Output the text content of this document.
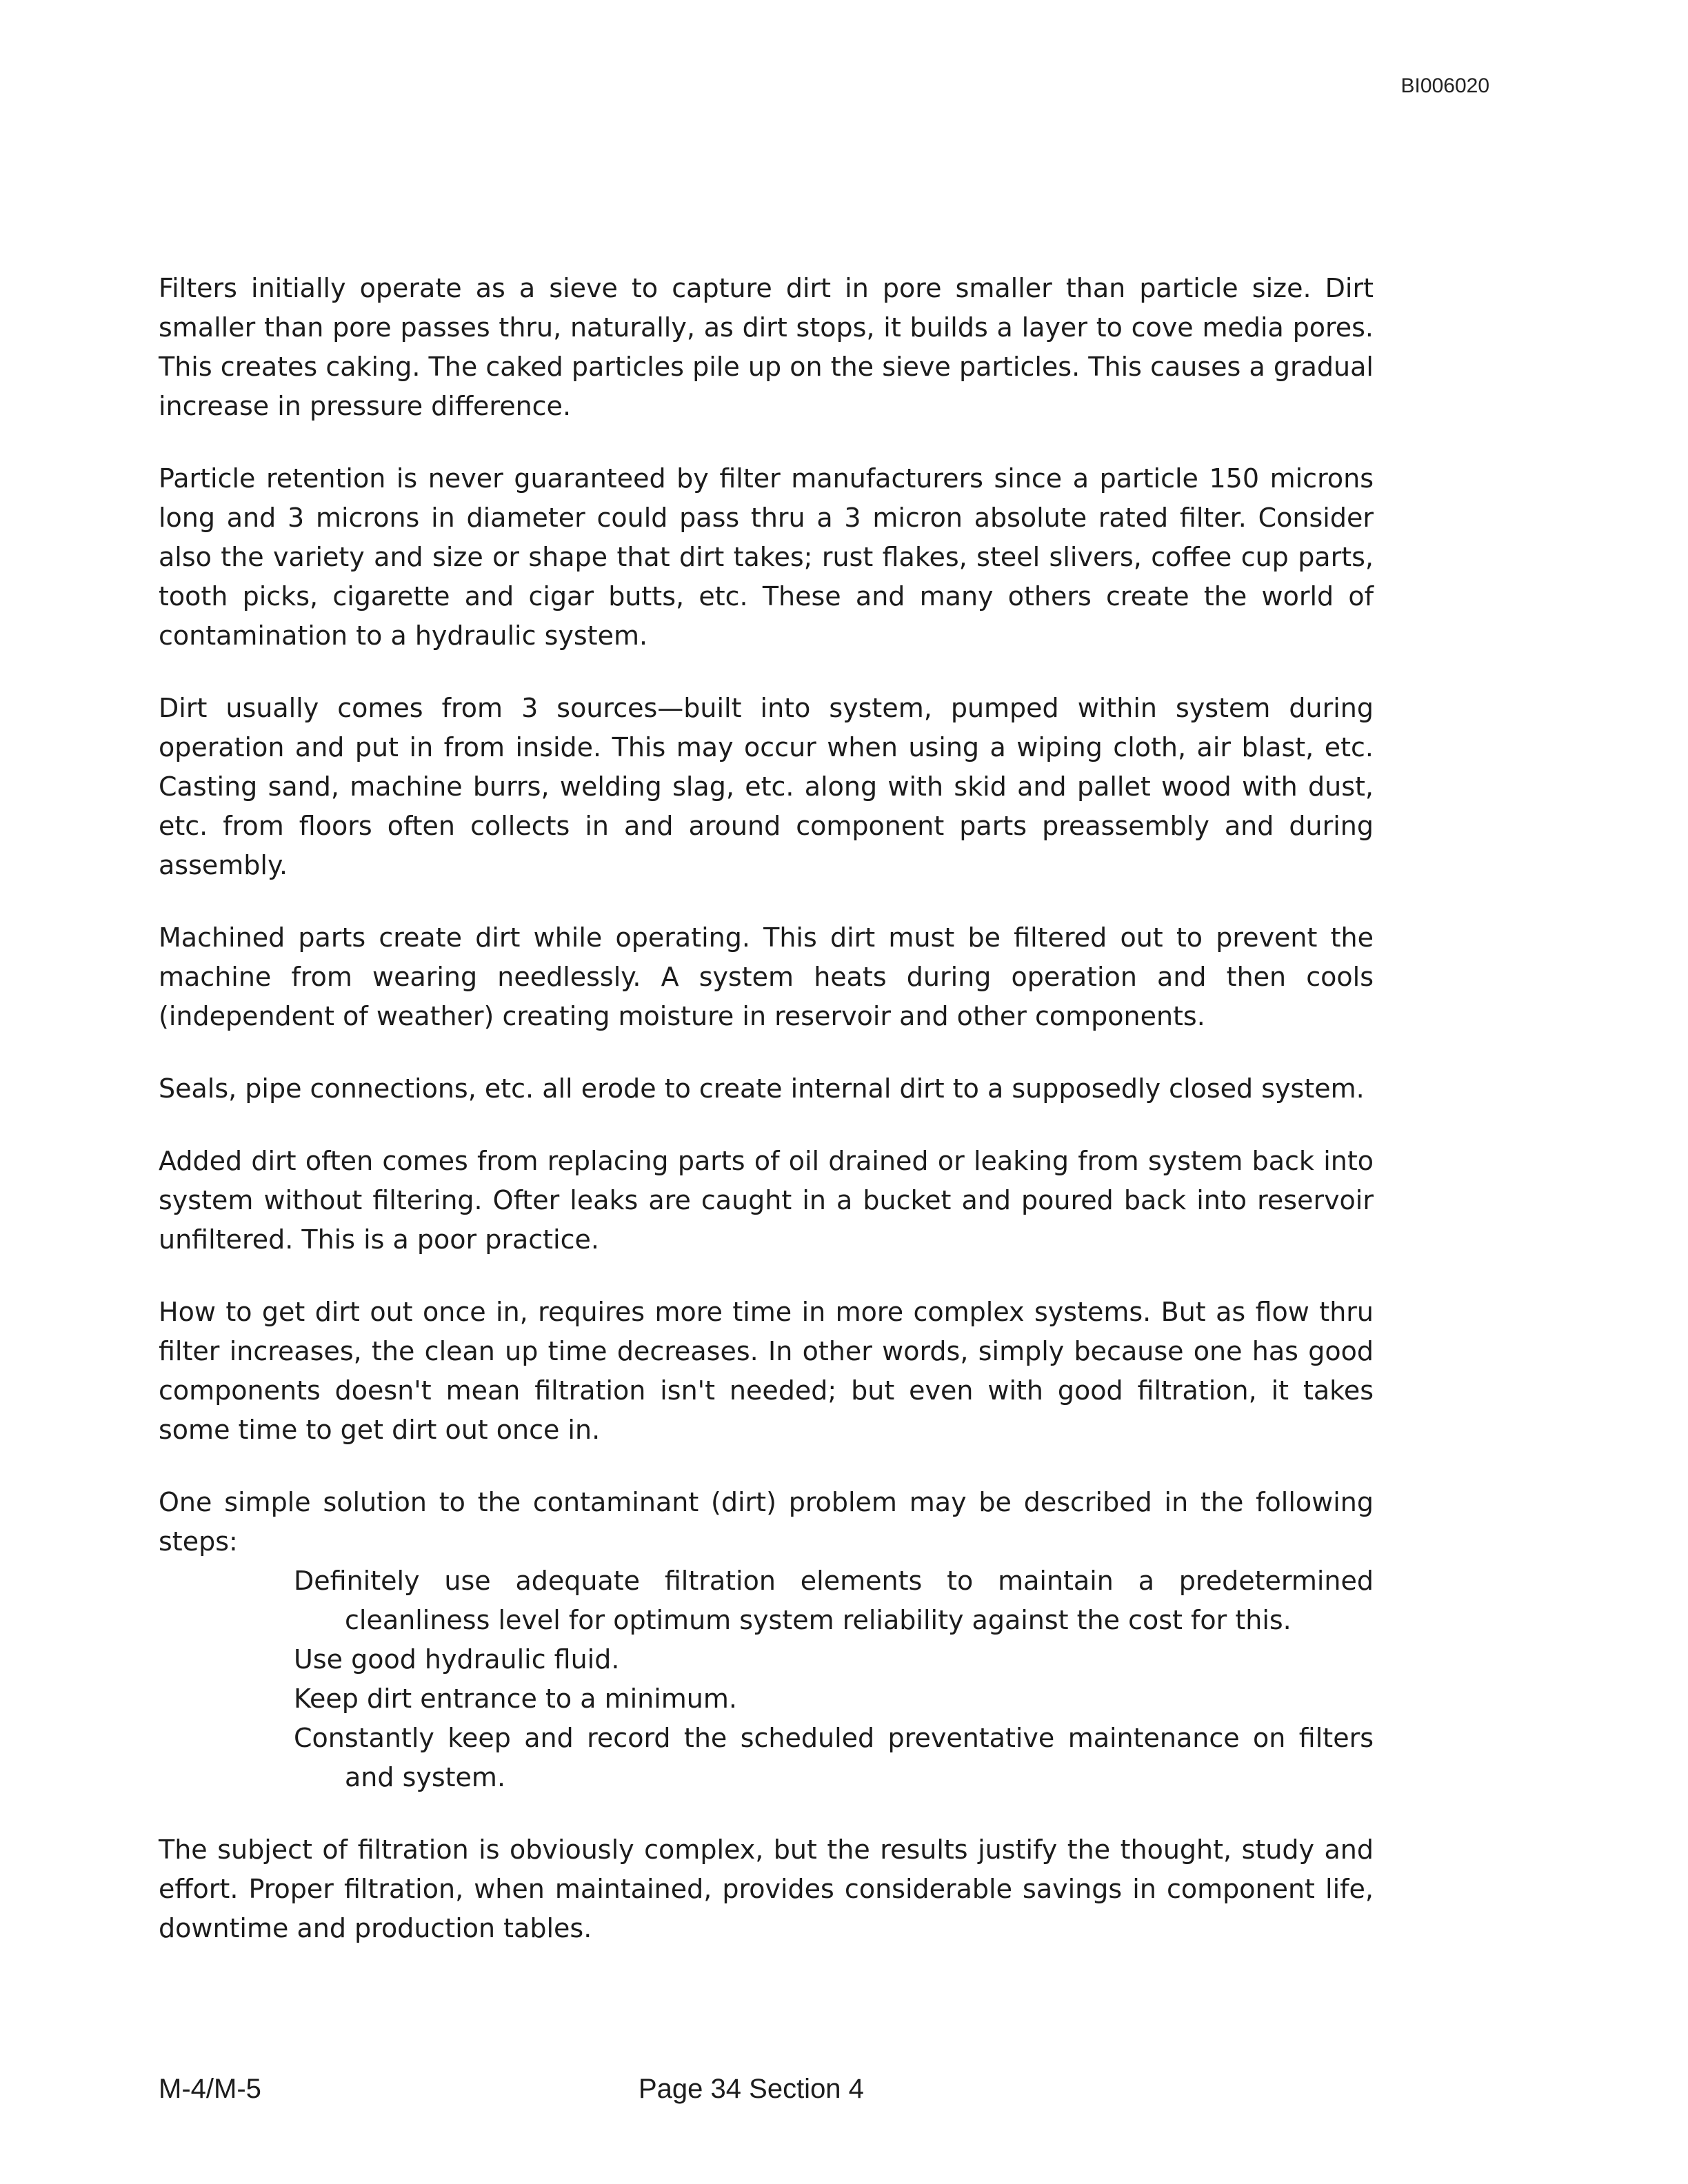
BI006020

Filters initially operate as a sieve to capture dirt in pore smaller than particle size. Dirt smaller than pore passes thru, naturally, as dirt stops, it builds a layer to cove media pores. This creates caking. The caked particles pile up on the sieve particles. This causes a gradual increase in pressure difference.

Particle retention is never guaranteed by filter manufacturers since a particle 150 microns long and 3 microns in diameter could pass thru a 3 micron absolute rated filter. Consider also the variety and size or shape that dirt takes; rust flakes, steel slivers, coffee cup parts, tooth picks, cigarette and cigar butts, etc. These and many others create the world of contamination to a hydraulic system.

Dirt usually comes from 3 sources—built into system, pumped within system during operation and put in from inside. This may occur when using a wiping cloth, air blast, etc. Casting sand, machine burrs, welding slag, etc. along with skid and pallet wood with dust, etc. from floors often collects in and around component parts preassembly and during assembly.

Machined parts create dirt while operating. This dirt must be filtered out to prevent the machine from wearing needlessly. A system heats during operation and then cools (independent of weather) creating moisture in reservoir and other components.

Seals, pipe connections, etc. all erode to create internal dirt to a supposedly closed system.

Added dirt often comes from replacing parts of oil drained or leaking from system back into system without filtering. Ofter leaks are caught in a bucket and poured back into reservoir unfiltered. This is a poor practice.

How to get dirt out once in, requires more time in more complex systems. But as flow thru filter increases, the clean up time decreases. In other words, simply because one has good components doesn't mean filtration isn't needed; but even with good filtration, it takes some time to get dirt out once in.

One simple solution to the contaminant (dirt) problem may be described in the following steps:

Definitely use adequate filtration elements to maintain a predetermined cleanliness level for optimum system reliability against the cost for this.
Use good hydraulic fluid.
Keep dirt entrance to a minimum.
Constantly keep and record the scheduled preventative maintenance on filters and system.

The subject of filtration is obviously complex, but the results justify the thought, study and effort. Proper filtration, when maintained, provides considerable savings in component life, downtime and production tables.

M-4/M-5	Page 34 Section 4
